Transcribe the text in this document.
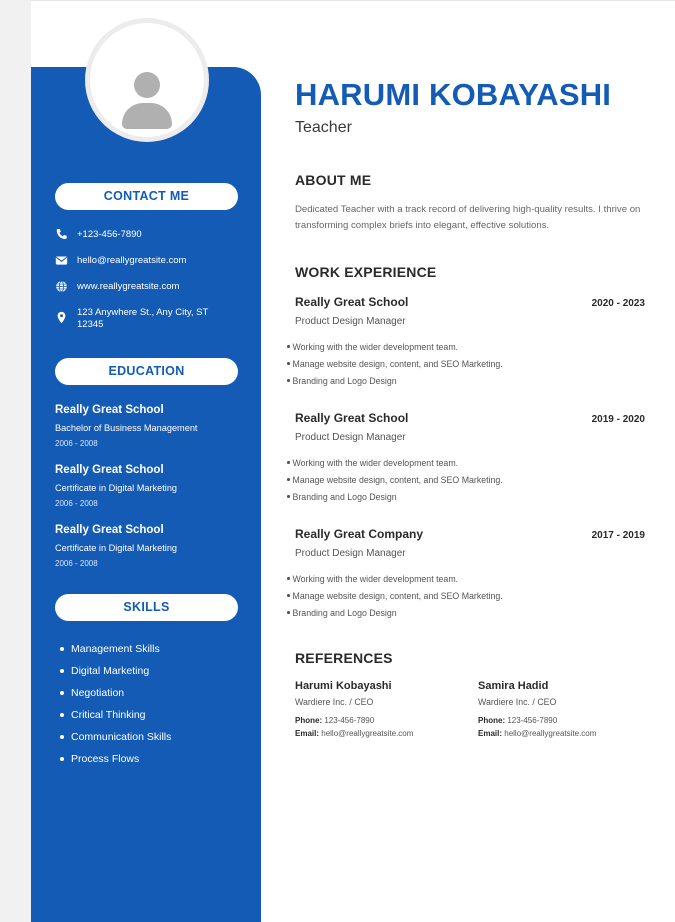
CONTACT ME
+123-456-7890
hello@reallygreatsite.com
www.reallygreatsite.com
123 Anywhere St., Any City, ST 12345
EDUCATION
Really Great School
Bachelor of Business Management
2006 - 2008
Really Great School
Certificate in Digital Marketing
2006 - 2008
Really Great School
Certificate in Digital Marketing
2006 - 2008
SKILLS
Management Skills
Digital Marketing
Negotiation
Critical Thinking
Communication Skills
Process Flows
HARUMI KOBAYASHI
Teacher
ABOUT ME
Dedicated Teacher with a track record of delivering high-quality results. I thrive on transforming complex briefs into elegant, effective solutions.
WORK EXPERIENCE
Really Great School	2020 - 2023
Product Design Manager
Working with the wider development team.
Manage website design, content, and SEO Marketing.
Branding and Logo Design
Really Great School	2019 - 2020
Product Design Manager
Working with the wider development team.
Manage website design, content, and SEO Marketing.
Branding and Logo Design
Really Great Company	2017 - 2019
Product Design Manager
Working with the wider development team.
Manage website design, content, and SEO Marketing.
Branding and Logo Design
REFERENCES
Harumi Kobayashi
Wardiere Inc. / CEO
Phone: 123-456-7890
Email: hello@reallygreatsite.com
Samira Hadid
Wardiere Inc. / CEO
Phone: 123-456-7890
Email: hello@reallygreatsite.com
